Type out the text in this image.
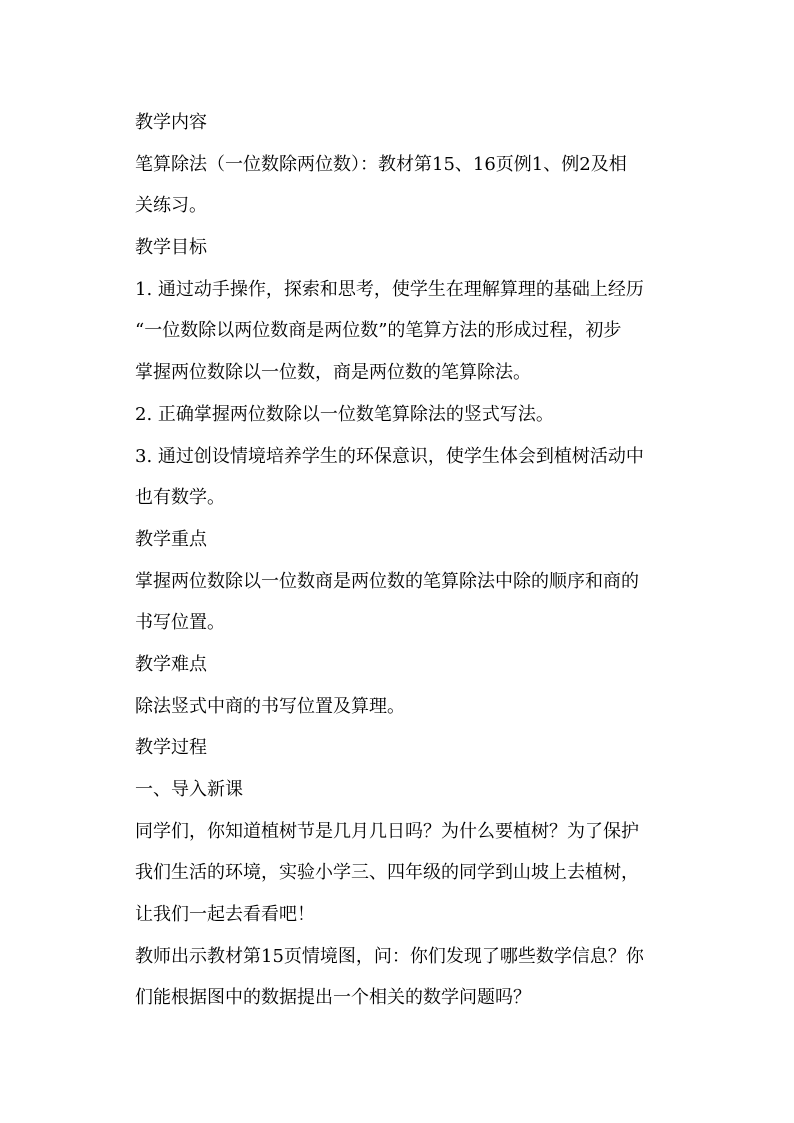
教学内容
笔算除法（一位数除两位数）：教材第15、16页例1、例2及相
关练习。
教学目标
1. 通过动手操作，探索和思考，使学生在理解算理的基础上经历
“一位数除以两位数商是两位数”的笔算方法的形成过程，初步
掌握两位数除以一位数，商是两位数的笔算除法。
2. 正确掌握两位数除以一位数笔算除法的竖式写法。
3. 通过创设情境培养学生的环保意识，使学生体会到植树活动中
也有数学。
教学重点
掌握两位数除以一位数商是两位数的笔算除法中除的顺序和商的
书写位置。
教学难点
除法竖式中商的书写位置及算理。
教学过程
一、导入新课
同学们，你知道植树节是几月几日吗？为什么要植树？为了保护
我们生活的环境，实验小学三、四年级的同学到山坡上去植树，
让我们一起去看看吧！
教师出示教材第15页情境图，问：你们发现了哪些数学信息？你
们能根据图中的数据提出一个相关的数学问题吗？
